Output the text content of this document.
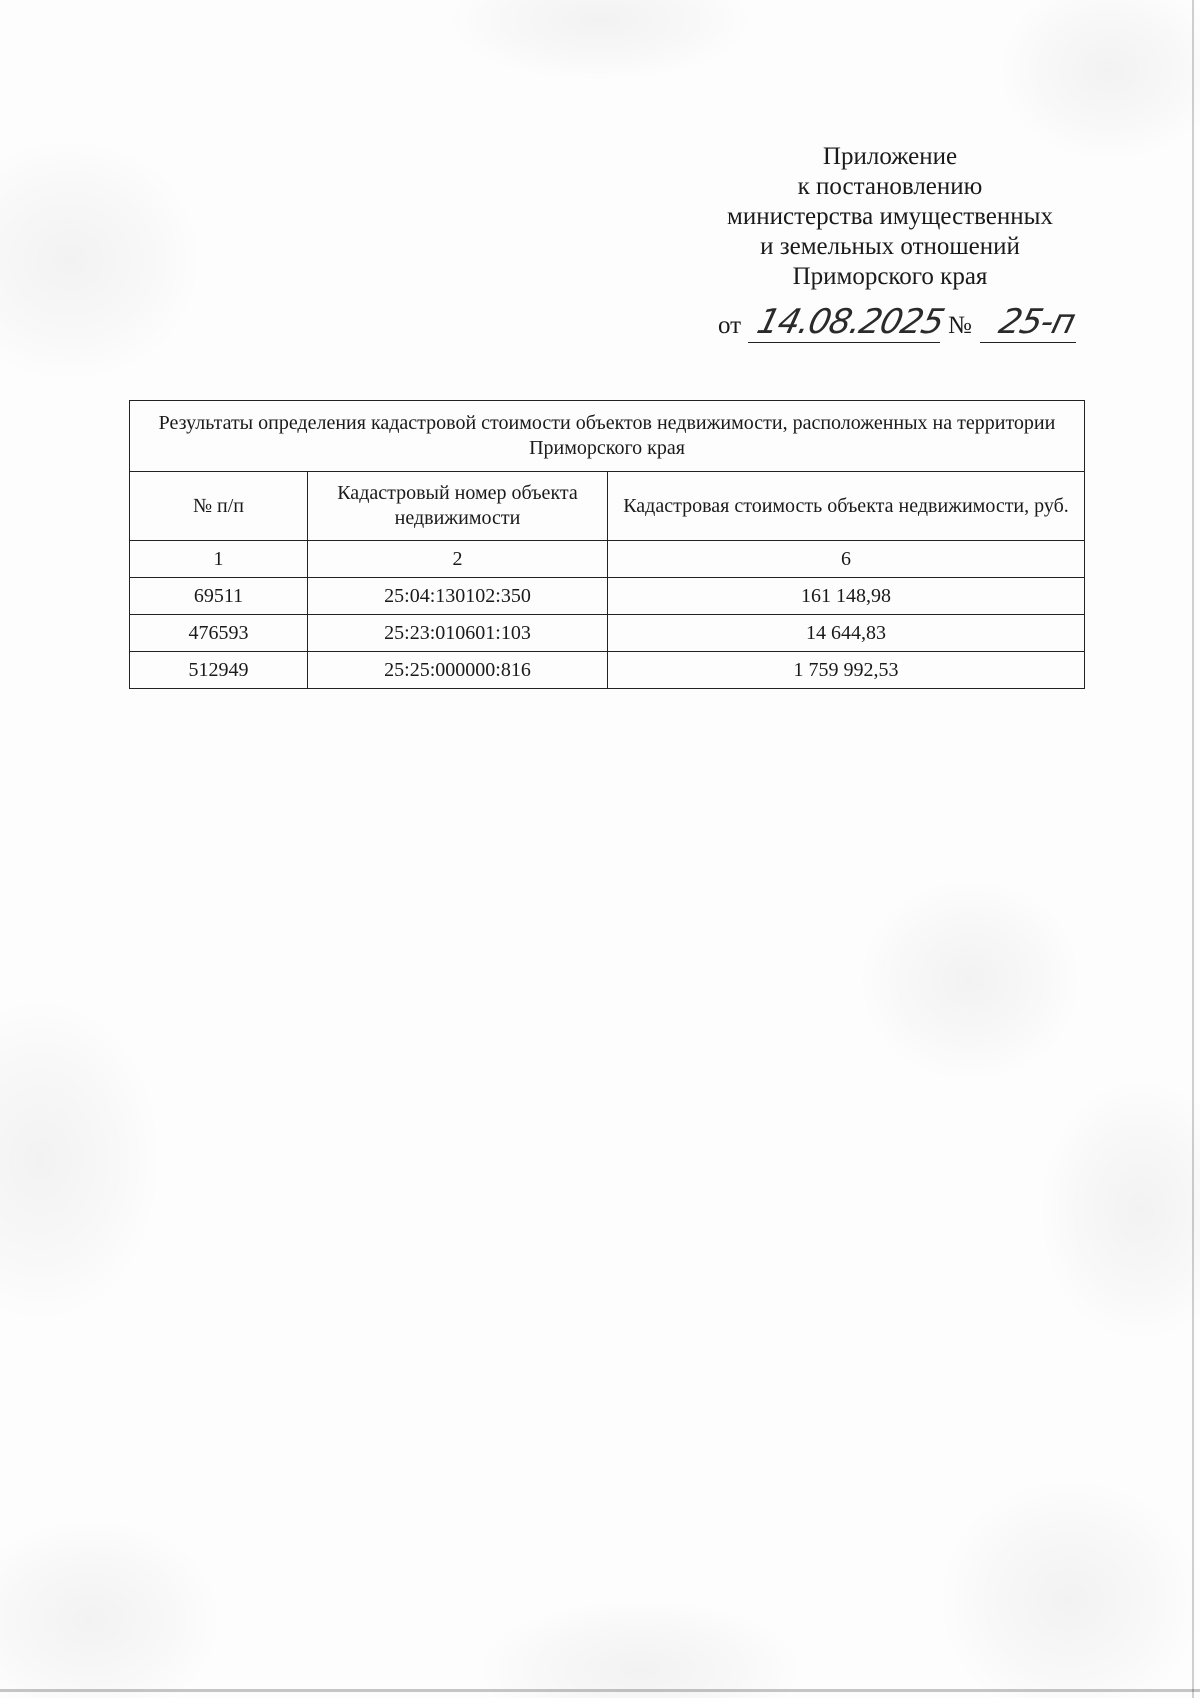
Приложение
к постановлению
министерства имущественных
и земельных отношений
Приморского края
от 14.08.2025 № 25-п
Результаты определения кадастровой стоимости объектов недвижимости, расположенных на территории Приморского края		
№ п/п	Кадастровый номер объекта недвижимости	Кадастровая стоимость объекта недвижимости, руб.
1	2	6
69511	25:04:130102:350	161 148,98
476593	25:23:010601:103	14 644,83
512949	25:25:000000:816	1 759 992,53
